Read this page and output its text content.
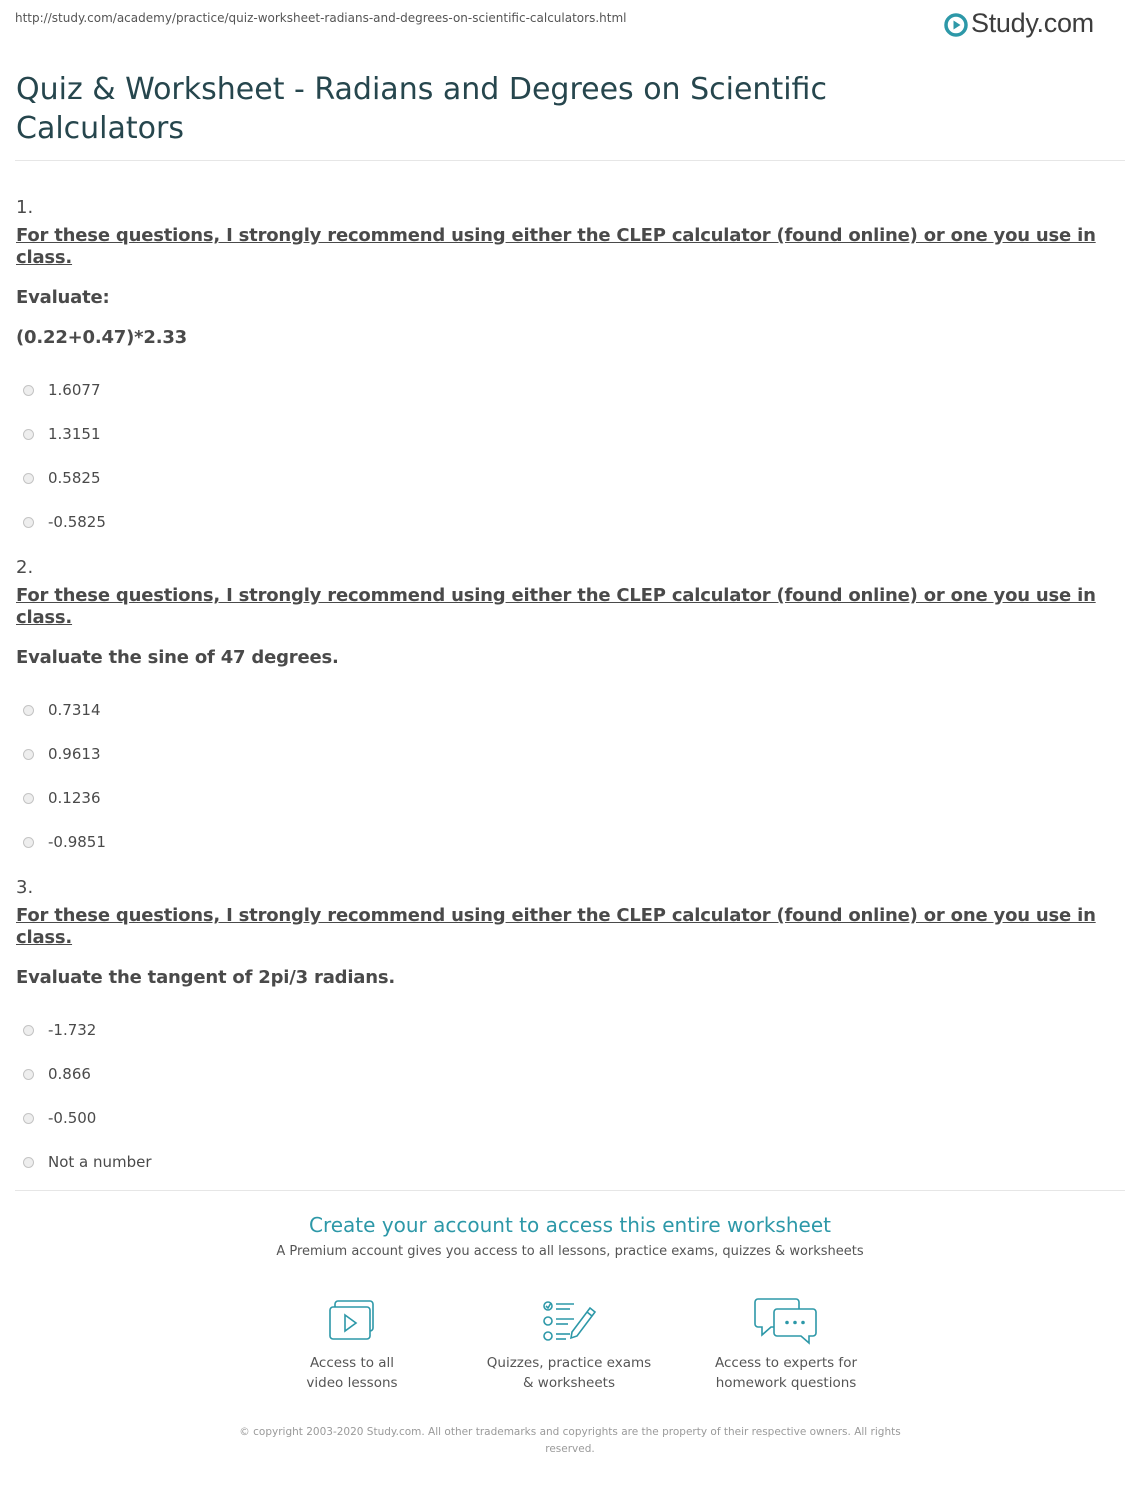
http://study.com/academy/practice/quiz-worksheet-radians-and-degrees-on-scientific-calculators.html	Study.com
Quiz & Worksheet - Radians and Degrees on Scientific Calculators
1.
For these questions, I strongly recommend using either the CLEP calculator (found online) or one you use in class.
Evaluate:
(0.22+0.47)*2.33
1.6077
1.3151
0.5825
-0.5825
2.
For these questions, I strongly recommend using either the CLEP calculator (found online) or one you use in class.
Evaluate the sine of 47 degrees.
0.7314
0.9613
0.1236
-0.9851
3.
For these questions, I strongly recommend using either the CLEP calculator (found online) or one you use in class.
Evaluate the tangent of 2pi/3 radians.
-1.732
0.866
-0.500
Not a number
Create your account to access this entire worksheet
A Premium account gives you access to all lessons, practice exams, quizzes & worksheets
Access to all
video lessons
Quizzes, practice exams
& worksheets
Access to experts for
homework questions
© copyright 2003-2020 Study.com. All other trademarks and copyrights are the property of their respective owners. All rights reserved.
